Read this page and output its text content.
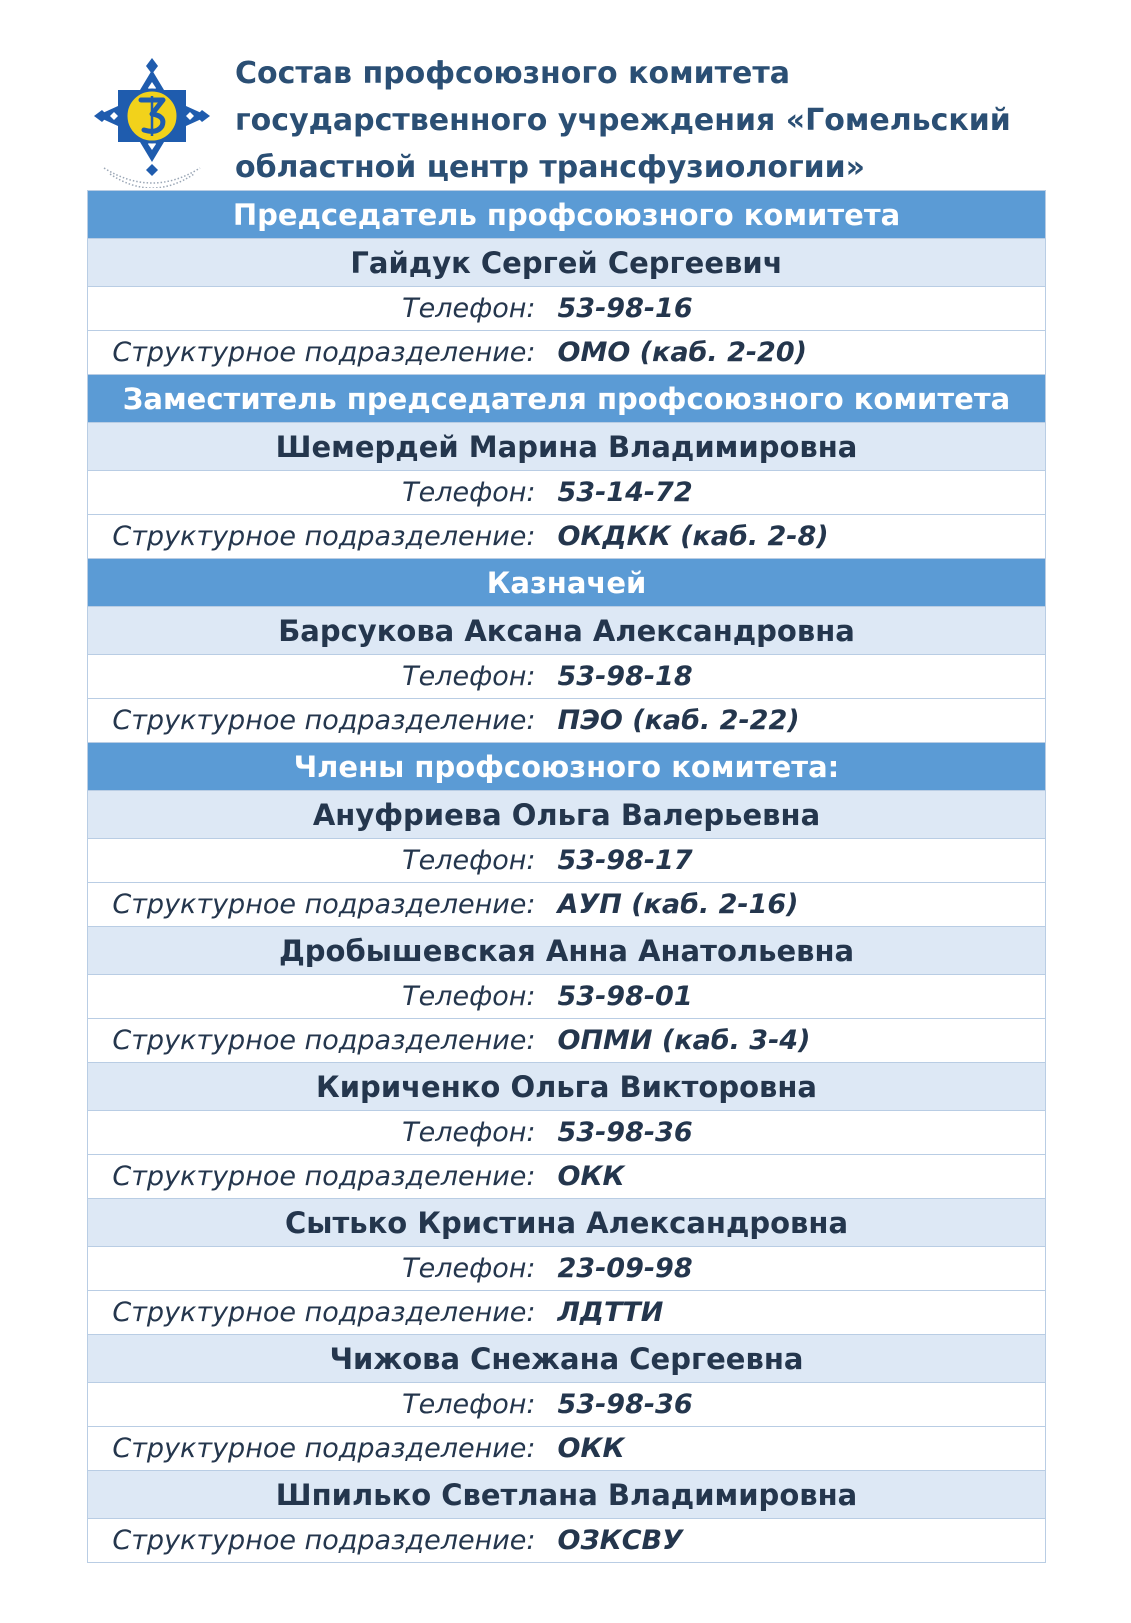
Состав профсоюзного комитета
государственного учреждения «Гомельский
областной центр трансфузиологии»
Председатель профсоюзного комитета	
Гайдук Сергей Сергеевич	
Телефон:	53-98-16
Структурное подразделение:	ОМО (каб. 2-20)
Заместитель председателя профсоюзного комитета	
Шемердей Марина Владимировна	
Телефон:	53-14-72
Структурное подразделение:	ОКДКК (каб. 2-8)
Казначей	
Барсукова Аксана Александровна	
Телефон:	53-98-18
Структурное подразделение:	ПЭО (каб. 2-22)
Члены профсоюзного комитета:	
Ануфриева Ольга Валерьевна	
Телефон:	53-98-17
Структурное подразделение:	АУП (каб. 2-16)
Дробышевская Анна Анатольевна	
Телефон:	53-98-01
Структурное подразделение:	ОПМИ (каб. 3-4)
Кириченко Ольга Викторовна	
Телефон:	53-98-36
Структурное подразделение:	ОКК
Сытько Кристина Александровна	
Телефон:	23-09-98
Структурное подразделение:	ЛДТТИ
Чижова Снежана Сергеевна	
Телефон:	53-98-36
Структурное подразделение:	ОКК
Шпилько Светлана Владимировна	
Структурное подразделение:	ОЗКСВУ
